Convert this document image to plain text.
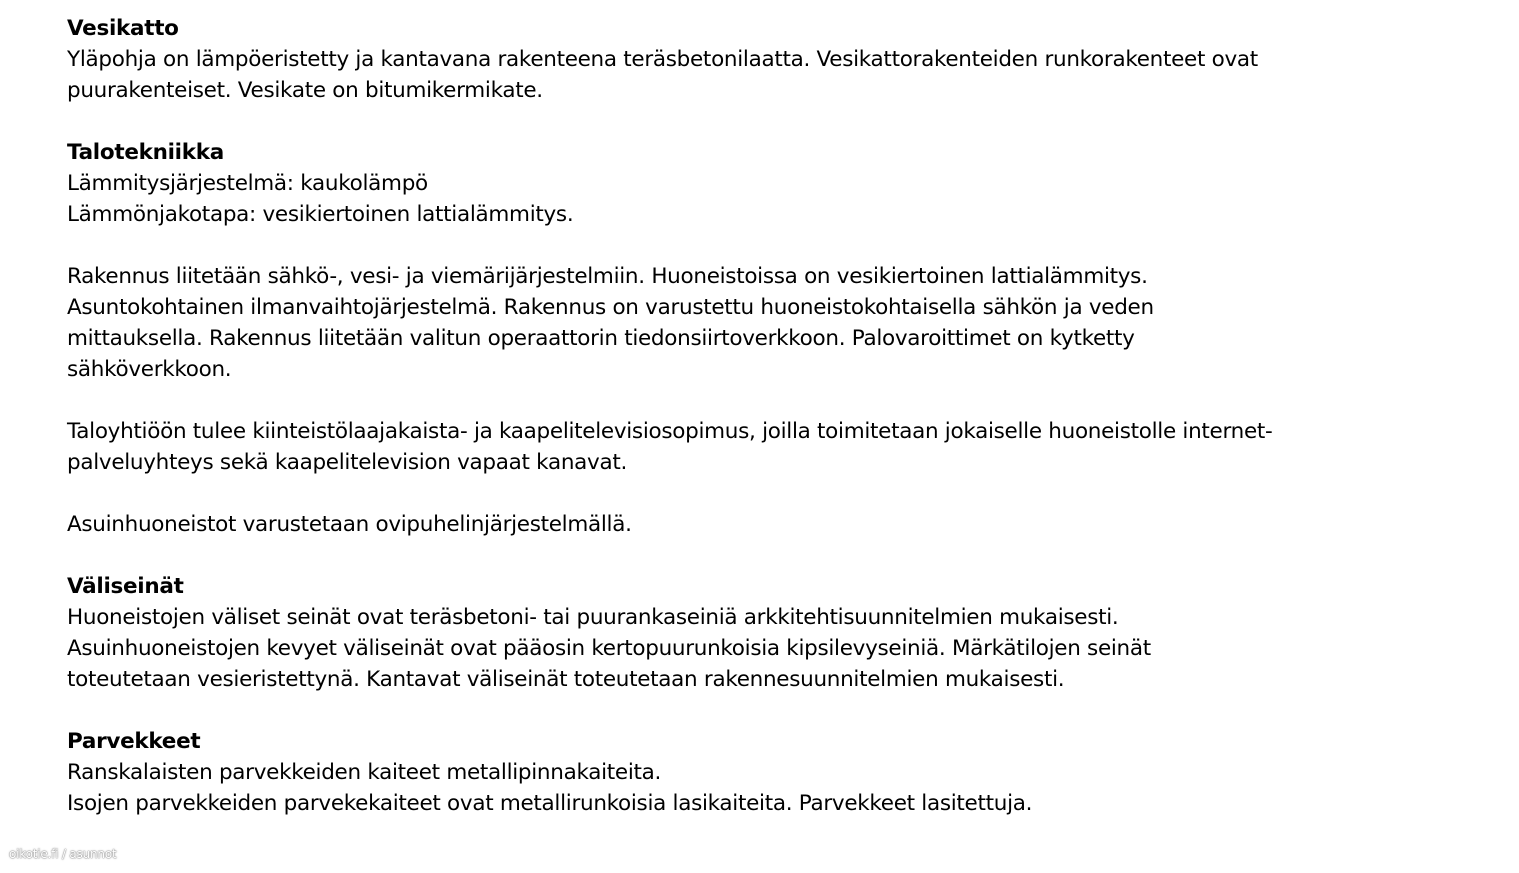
Vesikatto
Yläpohja on lämpöeristetty ja kantavana rakenteena teräsbetonilaatta. Vesikattorakenteiden runkorakenteet ovat
puurakenteiset. Vesikate on bitumikermikate.
Talotekniikka
Lämmitysjärjestelmä: kaukolämpö
Lämmönjakotapa: vesikiertoinen lattialämmitys.
Rakennus liitetään sähkö-, vesi- ja viemärijärjestelmiin. Huoneistoissa on vesikiertoinen lattialämmitys.
Asuntokohtainen ilmanvaihtojärjestelmä. Rakennus on varustettu huoneistokohtaisella sähkön ja veden
mittauksella. Rakennus liitetään valitun operaattorin tiedonsiirtoverkkoon. Palovaroittimet on kytketty
sähköverkkoon.
Taloyhtiöön tulee kiinteistölaajakaista- ja kaapelitelevisiosopimus, joilla toimitetaan jokaiselle huoneistolle internet-
palveluyhteys sekä kaapelitelevision vapaat kanavat.
Asuinhuoneistot varustetaan ovipuhelinjärjestelmällä.
Väliseinät
Huoneistojen väliset seinät ovat teräsbetoni- tai puurankaseiniä arkkitehtisuunnitelmien mukaisesti.
Asuinhuoneistojen kevyet väliseinät ovat pääosin kertopuurunkoisia kipsilevyseiniä. Märkätilojen seinät
toteutetaan vesieristettynä. Kantavat väliseinät toteutetaan rakennesuunnitelmien mukaisesti.
Parvekkeet
Ranskalaisten parvekkeiden kaiteet metallipinnakaiteita.
Isojen parvekkeiden parvekekaiteet ovat metallirunkoisia lasikaiteita. Parvekkeet lasitettuja.
oikotie.fi / asunnot
